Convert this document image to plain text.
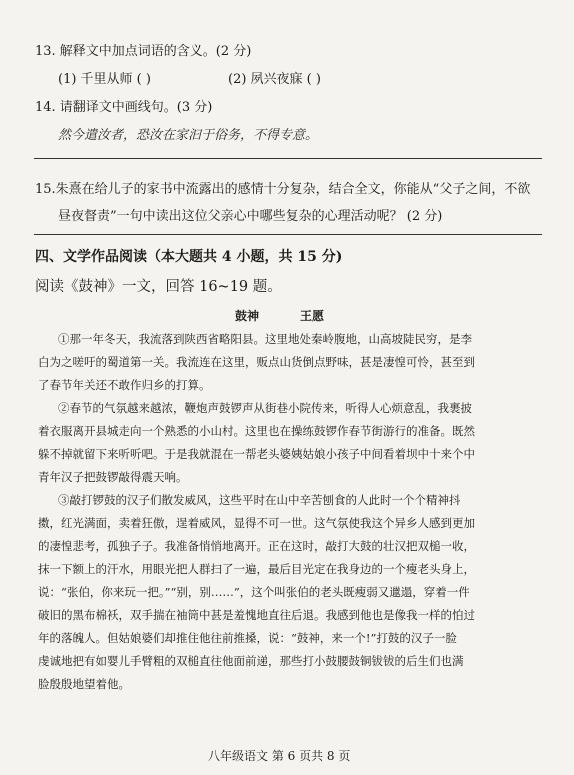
13. 解释文中加点词语的含义。(2 分)
(1) 千里从师 ( )	(2) 夙兴夜寐 ( )
14. 请翻译文中画线句。(3 分)
然今遣汝者，恐汝在家汩于俗务，不得专意。
15.朱熹在给儿子的家书中流露出的感情十分复杂，结合全文，你能从“父子之间，不欲
昼夜督责”一句中读出这位父亲心中哪些复杂的心理活动呢？ (2 分)
四、文学作品阅读（本大题共 4 小题，共 15 分)
阅读《鼓神》一文，回答 16~19 题。
鼓神	王愿
①那一年冬天，我流落到陕西省略阳县。这里地处秦岭腹地，山高坡陡民穷，是李
白为之嗟吁的蜀道第一关。我流连在这里，贩点山货倒点野味，甚是凄惶可怜，甚至到
了春节年关还不敢作归乡的打算。
②春节的气氛越来越浓，鞭炮声鼓锣声从街巷小院传来，听得人心烦意乱，我裹披
着衣服离开县城走向一个熟悉的小山村。这里也在操练鼓锣作春节街游行的准备。既然
躲不掉就留下来听听吧。于是我就混在一帮老头婆姨姑娘小孩子中间看着坝中十来个中
青年汉子把鼓锣敲得震天响。
③敲打锣鼓的汉子们散发威风，这些平时在山中辛苦刨食的人此时一个个精神抖
擞，红光满面，卖着狂傲，逞着威风，显得不可一世。这气氛使我这个异乡人感到更加
的凄惶悲考，孤独子子。我准备悄悄地离开。正在这时，敲打大鼓的壮汉把双槌一收，
抹一下额上的汗水，用眼光把人群扫了一遍，最后目光定在我身边的一个瘦老头身上，
说：“张伯，你来玩一把。”“别，别……”，这个叫张伯的老头既瘦弱又邋遢，穿着一件
破旧的黑布棉袄，双手揣在袖筒中甚是羞愧地直往后退。我感到他也是像我一样的怕过
年的落魄人。但姑娘婆们却推住他往前推搡，说：“鼓神，来一个!”打鼓的汉子一脸
虔诚地把有如婴儿手臂粗的双槌直往他面前递，那些打小鼓腰鼓铜钹钹的后生们也满
脸殷殷地望着他。
八年级语文 第 6 页共 8 页
